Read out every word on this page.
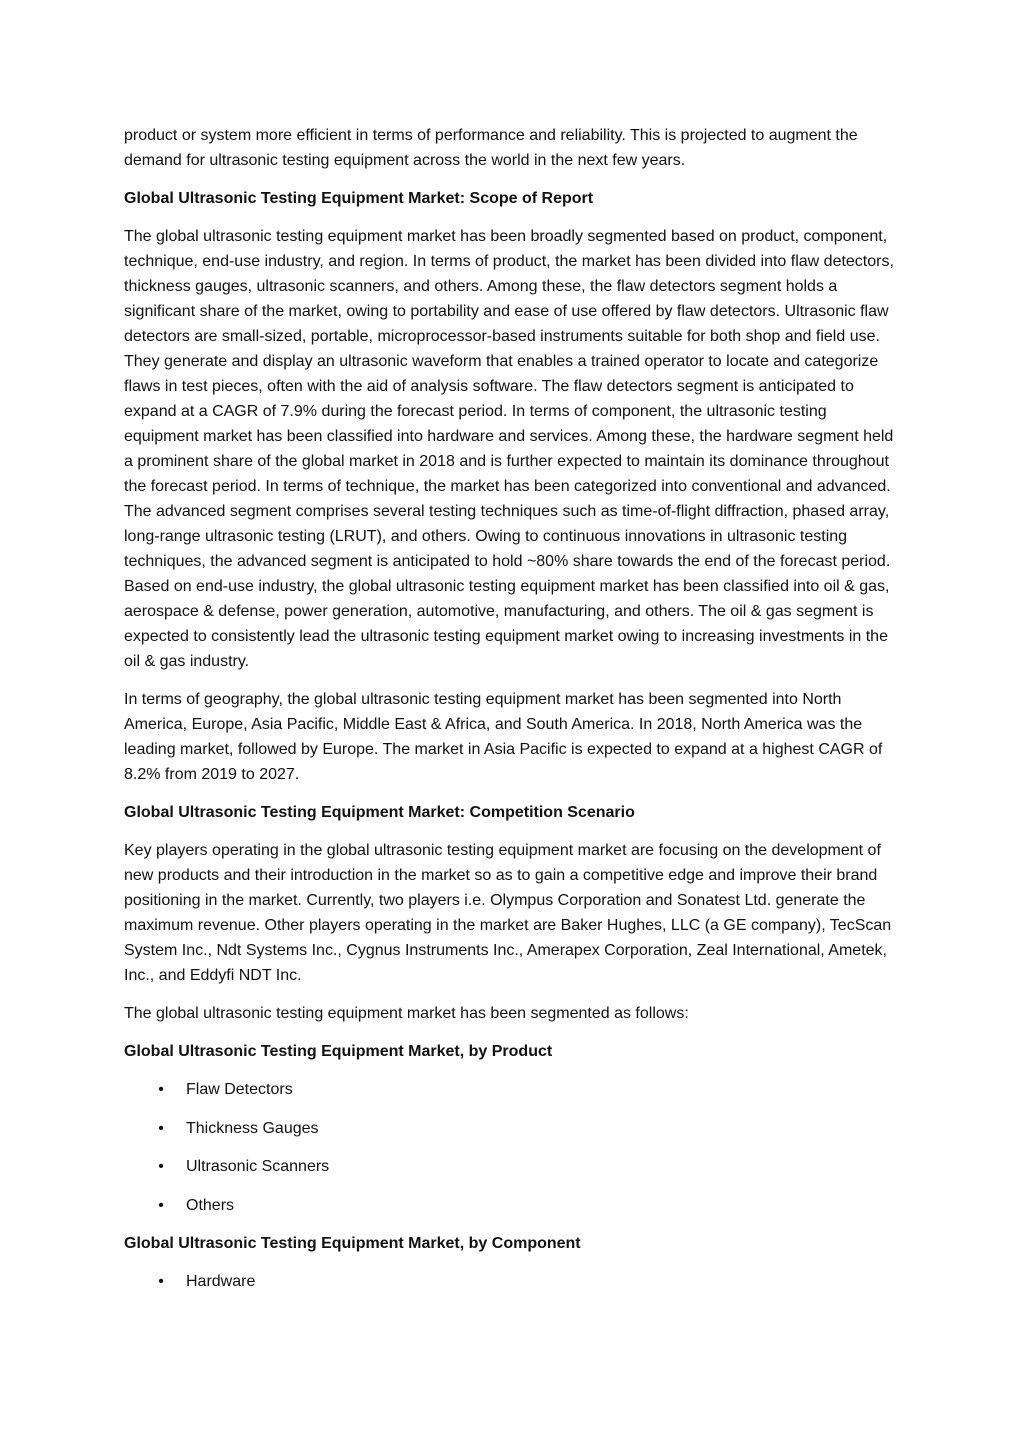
product or system more efficient in terms of performance and reliability. This is projected to augment the demand for ultrasonic testing equipment across the world in the next few years.

Global Ultrasonic Testing Equipment Market: Scope of Report

The global ultrasonic testing equipment market has been broadly segmented based on product, component, technique, end-use industry, and region. In terms of product, the market has been divided into flaw detectors, thickness gauges, ultrasonic scanners, and others. Among these, the flaw detectors segment holds a significant share of the market, owing to portability and ease of use offered by flaw detectors. Ultrasonic flaw detectors are small-sized, portable, microprocessor-based instruments suitable for both shop and field use. They generate and display an ultrasonic waveform that enables a trained operator to locate and categorize flaws in test pieces, often with the aid of analysis software. The flaw detectors segment is anticipated to expand at a CAGR of 7.9% during the forecast period. In terms of component, the ultrasonic testing equipment market has been classified into hardware and services. Among these, the hardware segment held a prominent share of the global market in 2018 and is further expected to maintain its dominance throughout the forecast period. In terms of technique, the market has been categorized into conventional and advanced. The advanced segment comprises several testing techniques such as time-of-flight diffraction, phased array, long-range ultrasonic testing (LRUT), and others. Owing to continuous innovations in ultrasonic testing techniques, the advanced segment is anticipated to hold ~80% share towards the end of the forecast period. Based on end-use industry, the global ultrasonic testing equipment market has been classified into oil & gas, aerospace & defense, power generation, automotive, manufacturing, and others. The oil & gas segment is expected to consistently lead the ultrasonic testing equipment market owing to increasing investments in the oil & gas industry.

In terms of geography, the global ultrasonic testing equipment market has been segmented into North America, Europe, Asia Pacific, Middle East & Africa, and South America. In 2018, North America was the leading market, followed by Europe. The market in Asia Pacific is expected to expand at a highest CAGR of 8.2% from 2019 to 2027.

Global Ultrasonic Testing Equipment Market: Competition Scenario

Key players operating in the global ultrasonic testing equipment market are focusing on the development of new products and their introduction in the market so as to gain a competitive edge and improve their brand positioning in the market. Currently, two players i.e. Olympus Corporation and Sonatest Ltd. generate the maximum revenue. Other players operating in the market are Baker Hughes, LLC (a GE company), TecScan System Inc., Ndt Systems Inc., Cygnus Instruments Inc., Amerapex Corporation, Zeal International, Ametek, Inc., and Eddyfi NDT Inc.

The global ultrasonic testing equipment market has been segmented as follows:

Global Ultrasonic Testing Equipment Market, by Product
• Flaw Detectors
• Thickness Gauges
• Ultrasonic Scanners
• Others
Global Ultrasonic Testing Equipment Market, by Component
• Hardware
